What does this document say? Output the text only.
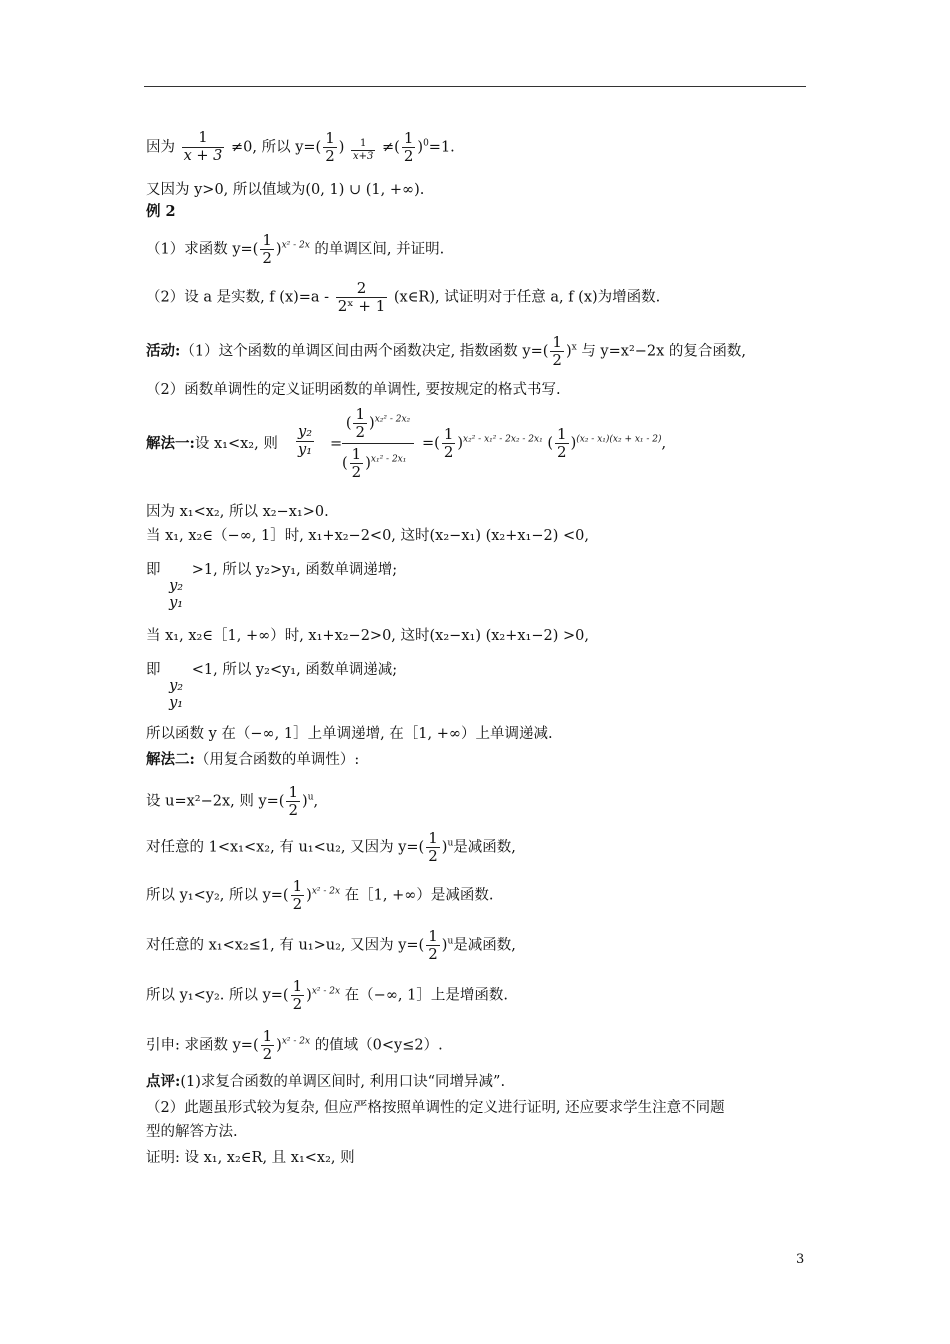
因为 $\frac{1}{x + 3} \ne 0$, 所以 $y=( \frac{1}{2}$ ) $\frac{1}{x+3}$ ≠( $\frac{1}{2} )^0=1$.
又因为 y>0, 所以值域为(0, 1) ∪ (1, +∞).
例 2
（1）求函数 $y=( \frac{1}{2} )^{x^2 - 2x}$ 的单调区间, 并证明.
（2）设 a 是实数, f $(x)=a - \frac{2}{\text{2ˣ + 1}}$ (x∈R), 试证明对于任意 a, f (x)为增函数.
活动:（1）这个函数的单调区间由两个函数决定, 指数函数 $y=( \frac{1}{2} )^x$ 与 y=x²−2x 的复合函数,
（2）函数单调性的定义证明函数的单调性, 要按规定的格式书写.
解法一:设 x₁<x₂, 则 $\frac{\text{y₂}}{\text{y₁}}$ =
( $\frac{1}{2} )^{x_2^2 - 2x_2}$
( $\frac{1}{2} )^{x_1^2 - 2x_1}$
=( $\frac{1}{2} )^{x_2^2 - x_1^2 - 2x_2 - 2x_1}$ ( $\frac{1}{2} )^{(x_2 - x_1)(x_2 + x_1 - 2)}$,
因为 x₁<x₂, 所以 x₂−x₁>0.
当 x₁, x₂∈（−∞, 1］时, x₁+x₂−2<0, 这时(x₂−x₁) (x₂+x₁−2) <0,
即
y₂
y₁
>1, 所以 y₂>y₁, 函数单调递增;
当 x₁, x₂∈［1, +∞）时, x₁+x₂−2>0, 这时(x₂−x₁) (x₂+x₁−2) >0,
即
y₂
y₁
<1, 所以 y₂<y₁, 函数单调递减;
所以函数 y 在（−∞, 1］上单调递增, 在［1, +∞）上单调递减.
解法二:（用复合函数的单调性）:
设 u=x²−2x, 则 $y=( \frac{1}{2} )^u$,
对任意的 1<x₁<x₂, 有 u₁<u₂, 又因为 $y=( \frac{1}{2} )^u$是减函数,
所以 y₁<y₂, 所以 $y=( \frac{1}{2} )^{x^2 - 2x}$ 在［1, +∞）是减函数.
对任意的 x₁<x₂≤1, 有 u₁>u₂, 又因为 $y=( \frac{1}{2} )^u$是减函数,
所以 y₁<y₂. 所以 $y=( \frac{1}{2} )^{x^2 - 2x}$ 在（−∞, 1］上是增函数.
引申: 求函数 $y=( \frac{1}{2} )^{x^2 - 2x}$ 的值域（0<y≤2）.
点评:(1)求复合函数的单调区间时, 利用口诀“同增异减”.
（2）此题虽形式较为复杂, 但应严格按照单调性的定义进行证明, 还应要求学生注意不同题
型的解答方法.
证明: 设 x₁, x₂∈R, 且 x₁<x₂, 则
3
